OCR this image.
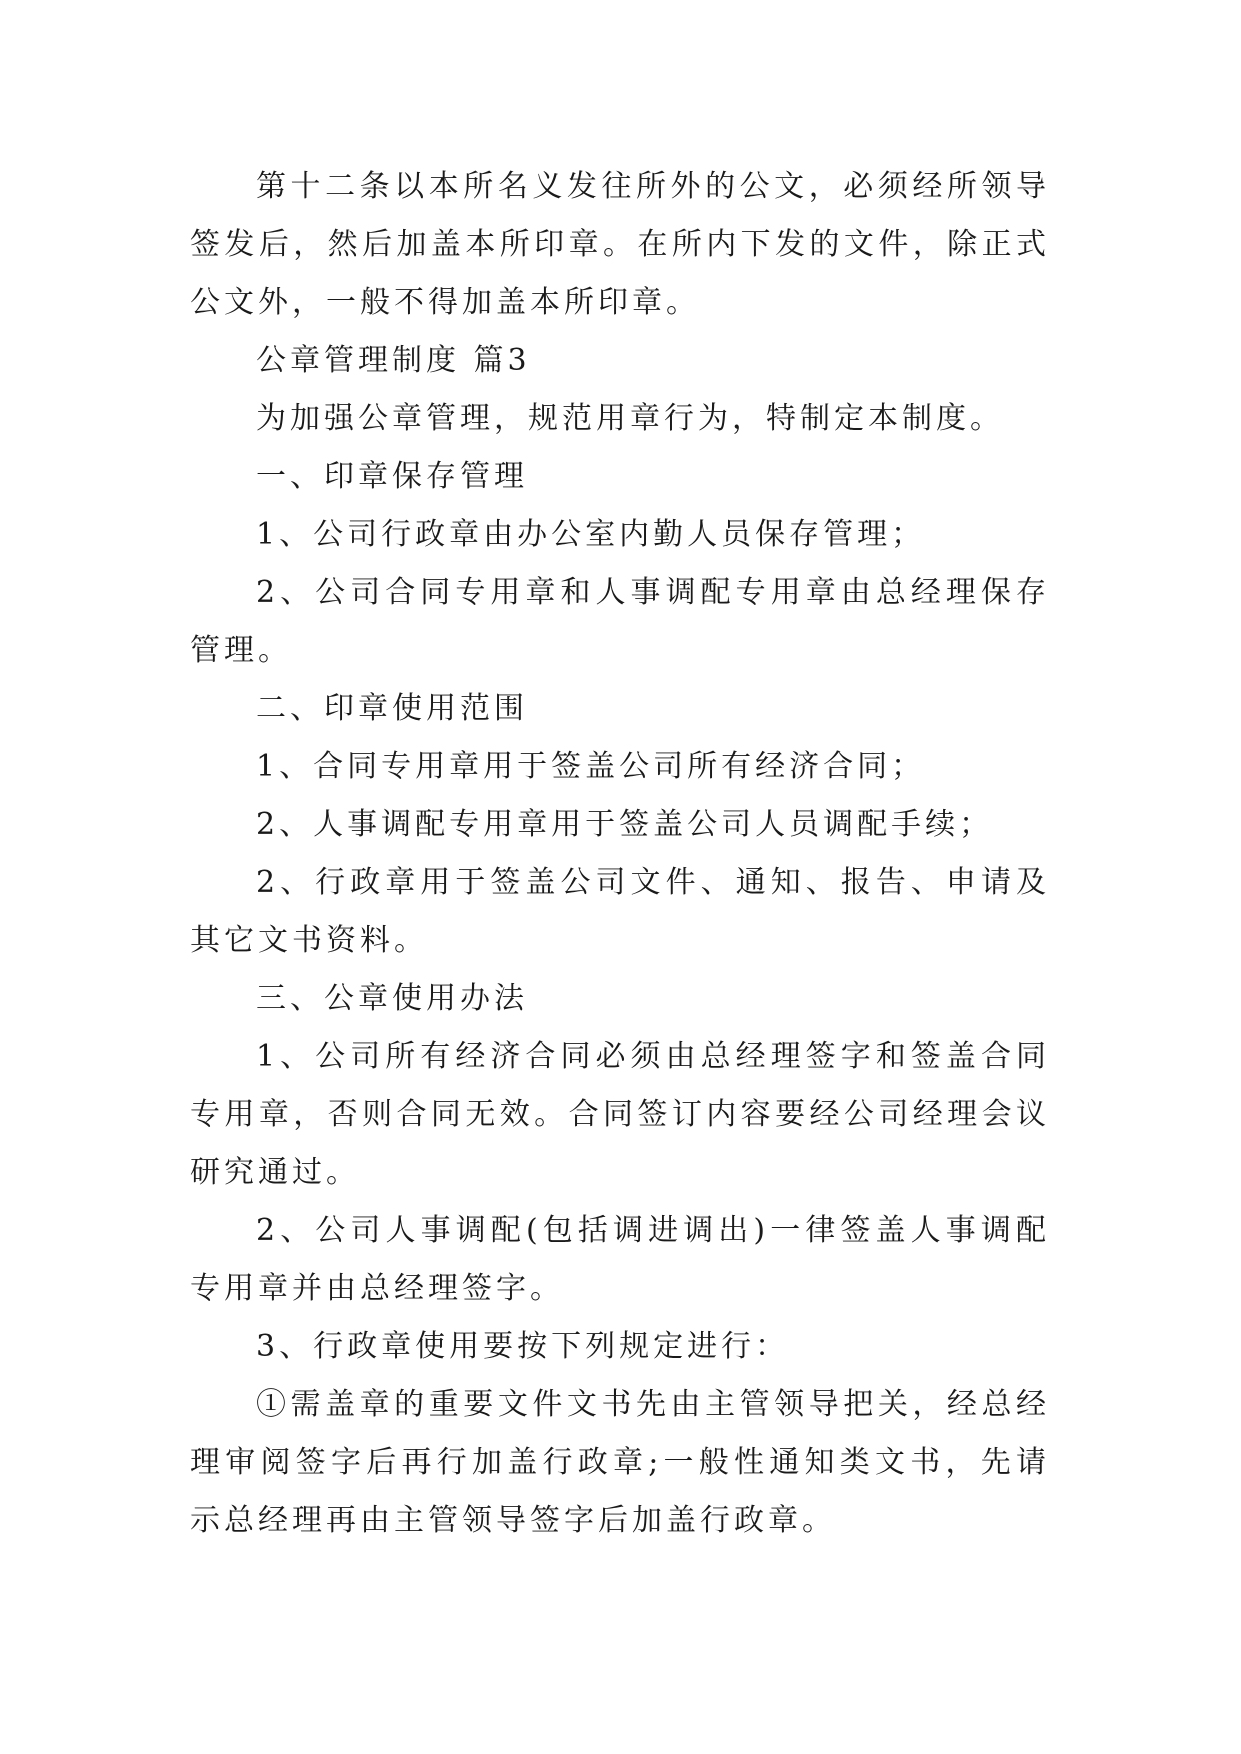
第十二条以本所名义发往所外的公文，必须经所领导签发后，然后加盖本所印章。在所内下发的文件，除正式公文外，一般不得加盖本所印章。

公章管理制度 篇3

为加强公章管理，规范用章行为，特制定本制度。

一、印章保存管理

1、公司行政章由办公室内勤人员保存管理；

2、公司合同专用章和人事调配专用章由总经理保存管理。

二、印章使用范围

1、合同专用章用于签盖公司所有经济合同；

2、人事调配专用章用于签盖公司人员调配手续；

2、行政章用于签盖公司文件、通知、报告、申请及其它文书资料。

三、公章使用办法

1、公司所有经济合同必须由总经理签字和签盖合同专用章，否则合同无效。合同签订内容要经公司经理会议研究通过。

2、公司人事调配(包括调进调出)一律签盖人事调配专用章并由总经理签字。

3、行政章使用要按下列规定进行：

①需盖章的重要文件文书先由主管领导把关，经总经理审阅签字后再行加盖行政章;一般性通知类文书，先请示总经理再由主管领导签字后加盖行政章。
